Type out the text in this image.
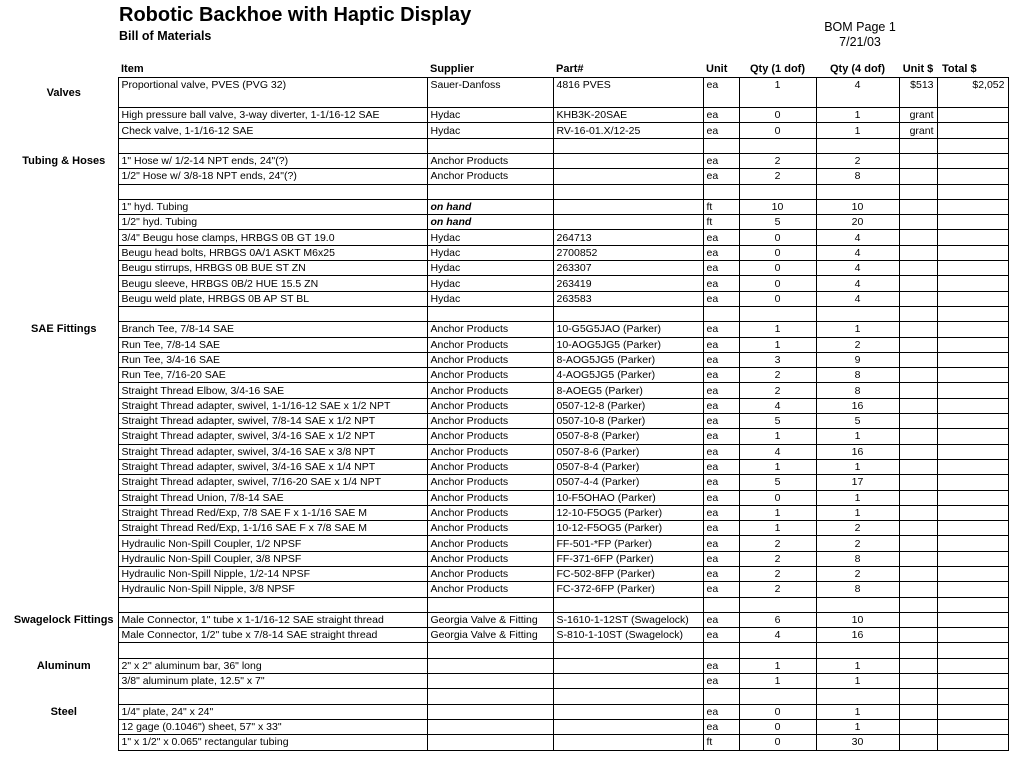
Robotic Backhoe with Haptic Display
Bill of Materials
BOM Page 1
7/21/03
	Item	Supplier	Part#	Unit	Qty (1 dof)	Qty (4 dof)	Unit $	Total $
Valves	Proportional valve, PVES (PVG 32)	Sauer-Danfoss	4816 PVES	ea	1	4	$513	$2,052
	High pressure ball valve, 3-way diverter, 1-1/16-12 SAE	Hydac	KHB3K-20SAE	ea	0	1	grant	
	Check valve, 1-1/16-12 SAE	Hydac	RV-16-01.X/12-25	ea	0	1	grant	

Tubing & Hoses	1" Hose w/ 1/2-14 NPT ends, 24"(?)	Anchor Products		ea	2	2		
	1/2" Hose w/ 3/8-18 NPT ends, 24"(?)	Anchor Products		ea	2	8		

	1" hyd. Tubing	on hand		ft	10	10		
	1/2" hyd. Tubing	on hand		ft	5	20		
	3/4" Beugu hose clamps, HRBGS 0B GT 19.0	Hydac	264713	ea	0	4		
	Beugu head bolts, HRBGS 0A/1 ASKT M6x25	Hydac	2700852	ea	0	4		
	Beugu stirrups, HRBGS 0B BUE ST ZN	Hydac	263307	ea	0	4		
	Beugu sleeve, HRBGS 0B/2 HUE 15.5 ZN	Hydac	263419	ea	0	4		
	Beugu weld plate, HRBGS 0B AP ST BL	Hydac	263583	ea	0	4		

SAE Fittings	Branch Tee, 7/8-14 SAE	Anchor Products	10-G5G5JAO (Parker)	ea	1	1		
	Run Tee, 7/8-14 SAE	Anchor Products	10-AOG5JG5 (Parker)	ea	1	2		
	Run Tee, 3/4-16 SAE	Anchor Products	8-AOG5JG5 (Parker)	ea	3	9		
	Run Tee, 7/16-20 SAE	Anchor Products	4-AOG5JG5 (Parker)	ea	2	8		
	Straight Thread Elbow, 3/4-16 SAE	Anchor Products	8-AOEG5 (Parker)	ea	2	8		
	Straight Thread adapter, swivel, 1-1/16-12 SAE x 1/2 NPT	Anchor Products	0507-12-8 (Parker)	ea	4	16		
	Straight Thread adapter, swivel, 7/8-14 SAE x 1/2 NPT	Anchor Products	0507-10-8 (Parker)	ea	5	5		
	Straight Thread adapter, swivel, 3/4-16 SAE x 1/2 NPT	Anchor Products	0507-8-8 (Parker)	ea	1	1		
	Straight Thread adapter, swivel, 3/4-16 SAE x 3/8 NPT	Anchor Products	0507-8-6 (Parker)	ea	4	16		
	Straight Thread adapter, swivel, 3/4-16 SAE x 1/4 NPT	Anchor Products	0507-8-4 (Parker)	ea	1	1		
	Straight Thread adapter, swivel, 7/16-20 SAE x 1/4 NPT	Anchor Products	0507-4-4 (Parker)	ea	5	17		
	Straight Thread Union, 7/8-14 SAE	Anchor Products	10-F5OHAO (Parker)	ea	0	1		
	Straight Thread Red/Exp, 7/8 SAE F x 1-1/16 SAE M	Anchor Products	12-10-F5OG5 (Parker)	ea	1	1		
	Straight Thread Red/Exp, 1-1/16 SAE F x 7/8 SAE M	Anchor Products	10-12-F5OG5 (Parker)	ea	1	2		
	Hydraulic Non-Spill Coupler, 1/2 NPSF	Anchor Products	FF-501-*FP (Parker)	ea	2	2		
	Hydraulic Non-Spill Coupler, 3/8 NPSF	Anchor Products	FF-371-6FP (Parker)	ea	2	8		
	Hydraulic Non-Spill Nipple, 1/2-14 NPSF	Anchor Products	FC-502-8FP (Parker)	ea	2	2		
	Hydraulic Non-Spill Nipple, 3/8 NPSF	Anchor Products	FC-372-6FP (Parker)	ea	2	8		

Swagelock Fittings	Male Connector, 1" tube x 1-1/16-12 SAE straight thread	Georgia Valve & Fitting	S-1610-1-12ST (Swagelock)	ea	6	10		
	Male Connector, 1/2" tube x 7/8-14 SAE straight thread	Georgia Valve & Fitting	S-810-1-10ST (Swagelock)	ea	4	16		

Aluminum	2" x 2" aluminum bar, 36" long			ea	1	1		
	3/8" aluminum plate, 12.5" x 7"			ea	1	1		

Steel	1/4" plate, 24" x 24"			ea	0	1		
	12 gage (0.1046") sheet, 57" x 33"			ea	0	1		
	1" x 1/2" x 0.065" rectangular tubing			ft	0	30		
